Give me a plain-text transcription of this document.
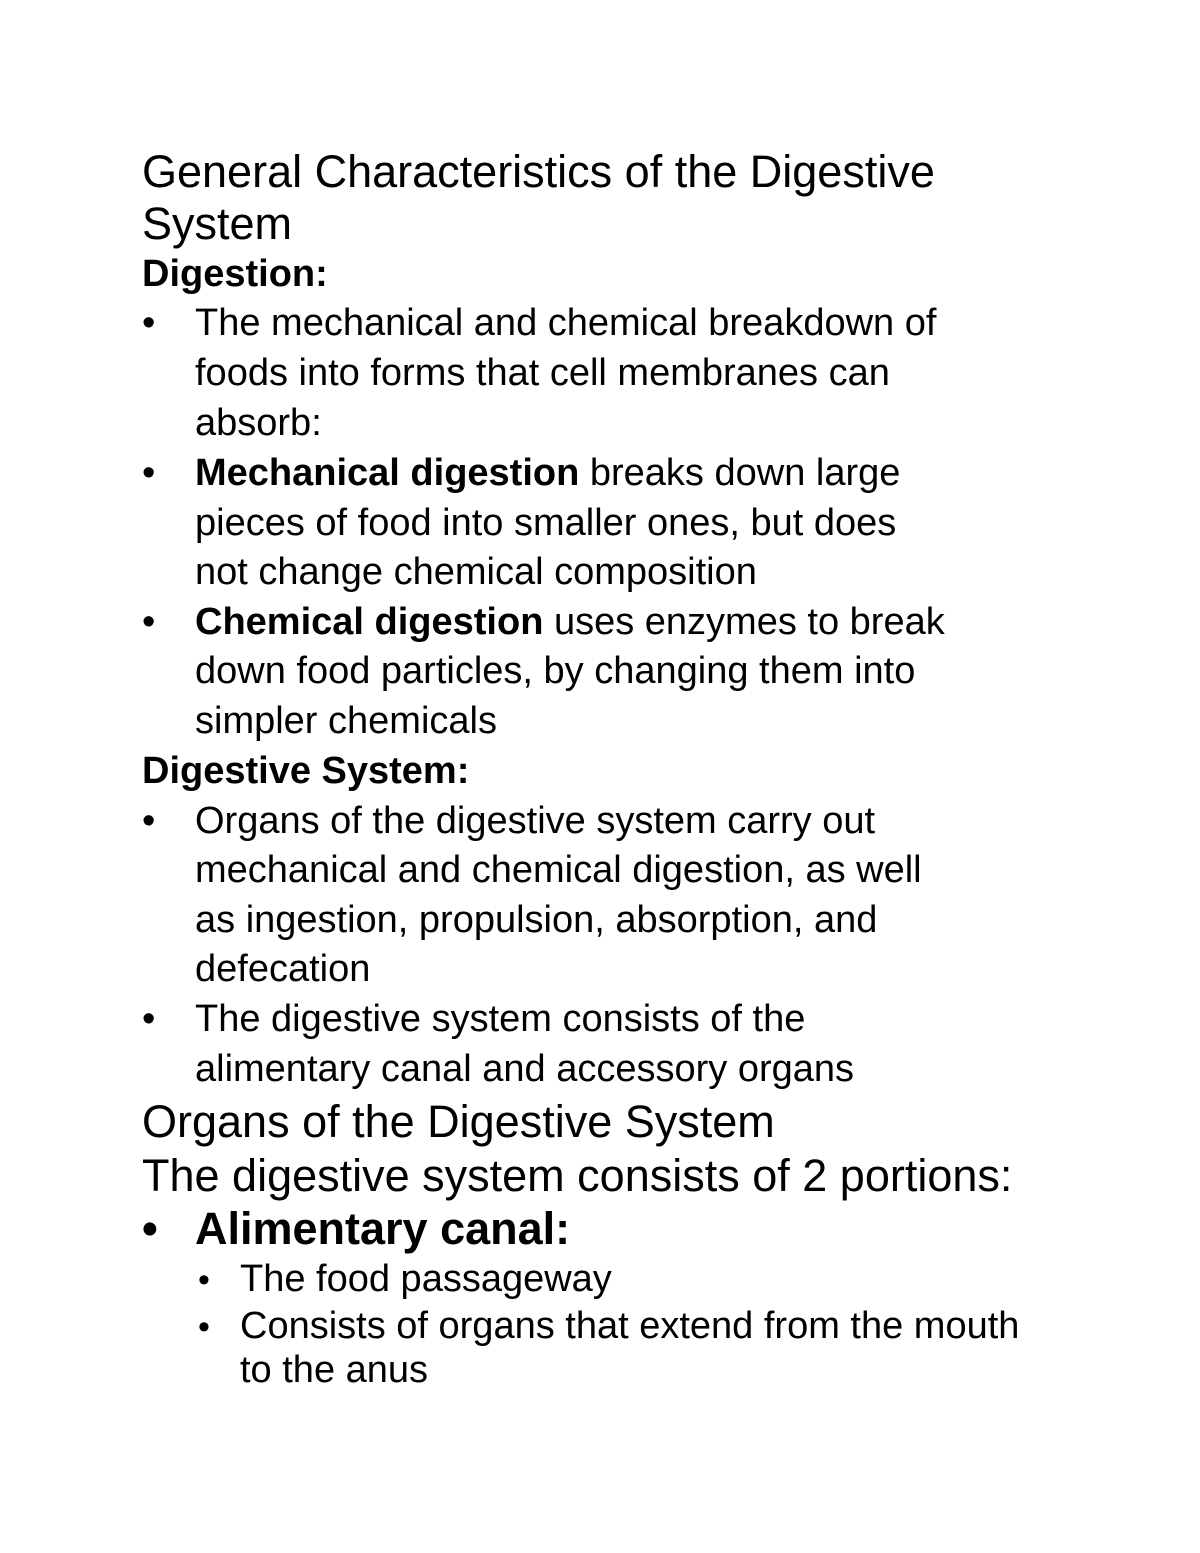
General Characteristics of the Digestive
System
Digestion:
• The mechanical and chemical breakdown of
foods into forms that cell membranes can
absorb:
• Mechanical digestion breaks down large
pieces of food into smaller ones, but does
not change chemical composition
• Chemical digestion uses enzymes to break
down food particles, by changing them into
simpler chemicals
Digestive System:
• Organs of the digestive system carry out
mechanical and chemical digestion, as well
as ingestion, propulsion, absorption, and
defecation
• The digestive system consists of the
alimentary canal and accessory organs
Organs of the Digestive System
The digestive system consists of 2 portions:
• Alimentary canal:
• The food passageway
• Consists of organs that extend from the mouth
to the anus
